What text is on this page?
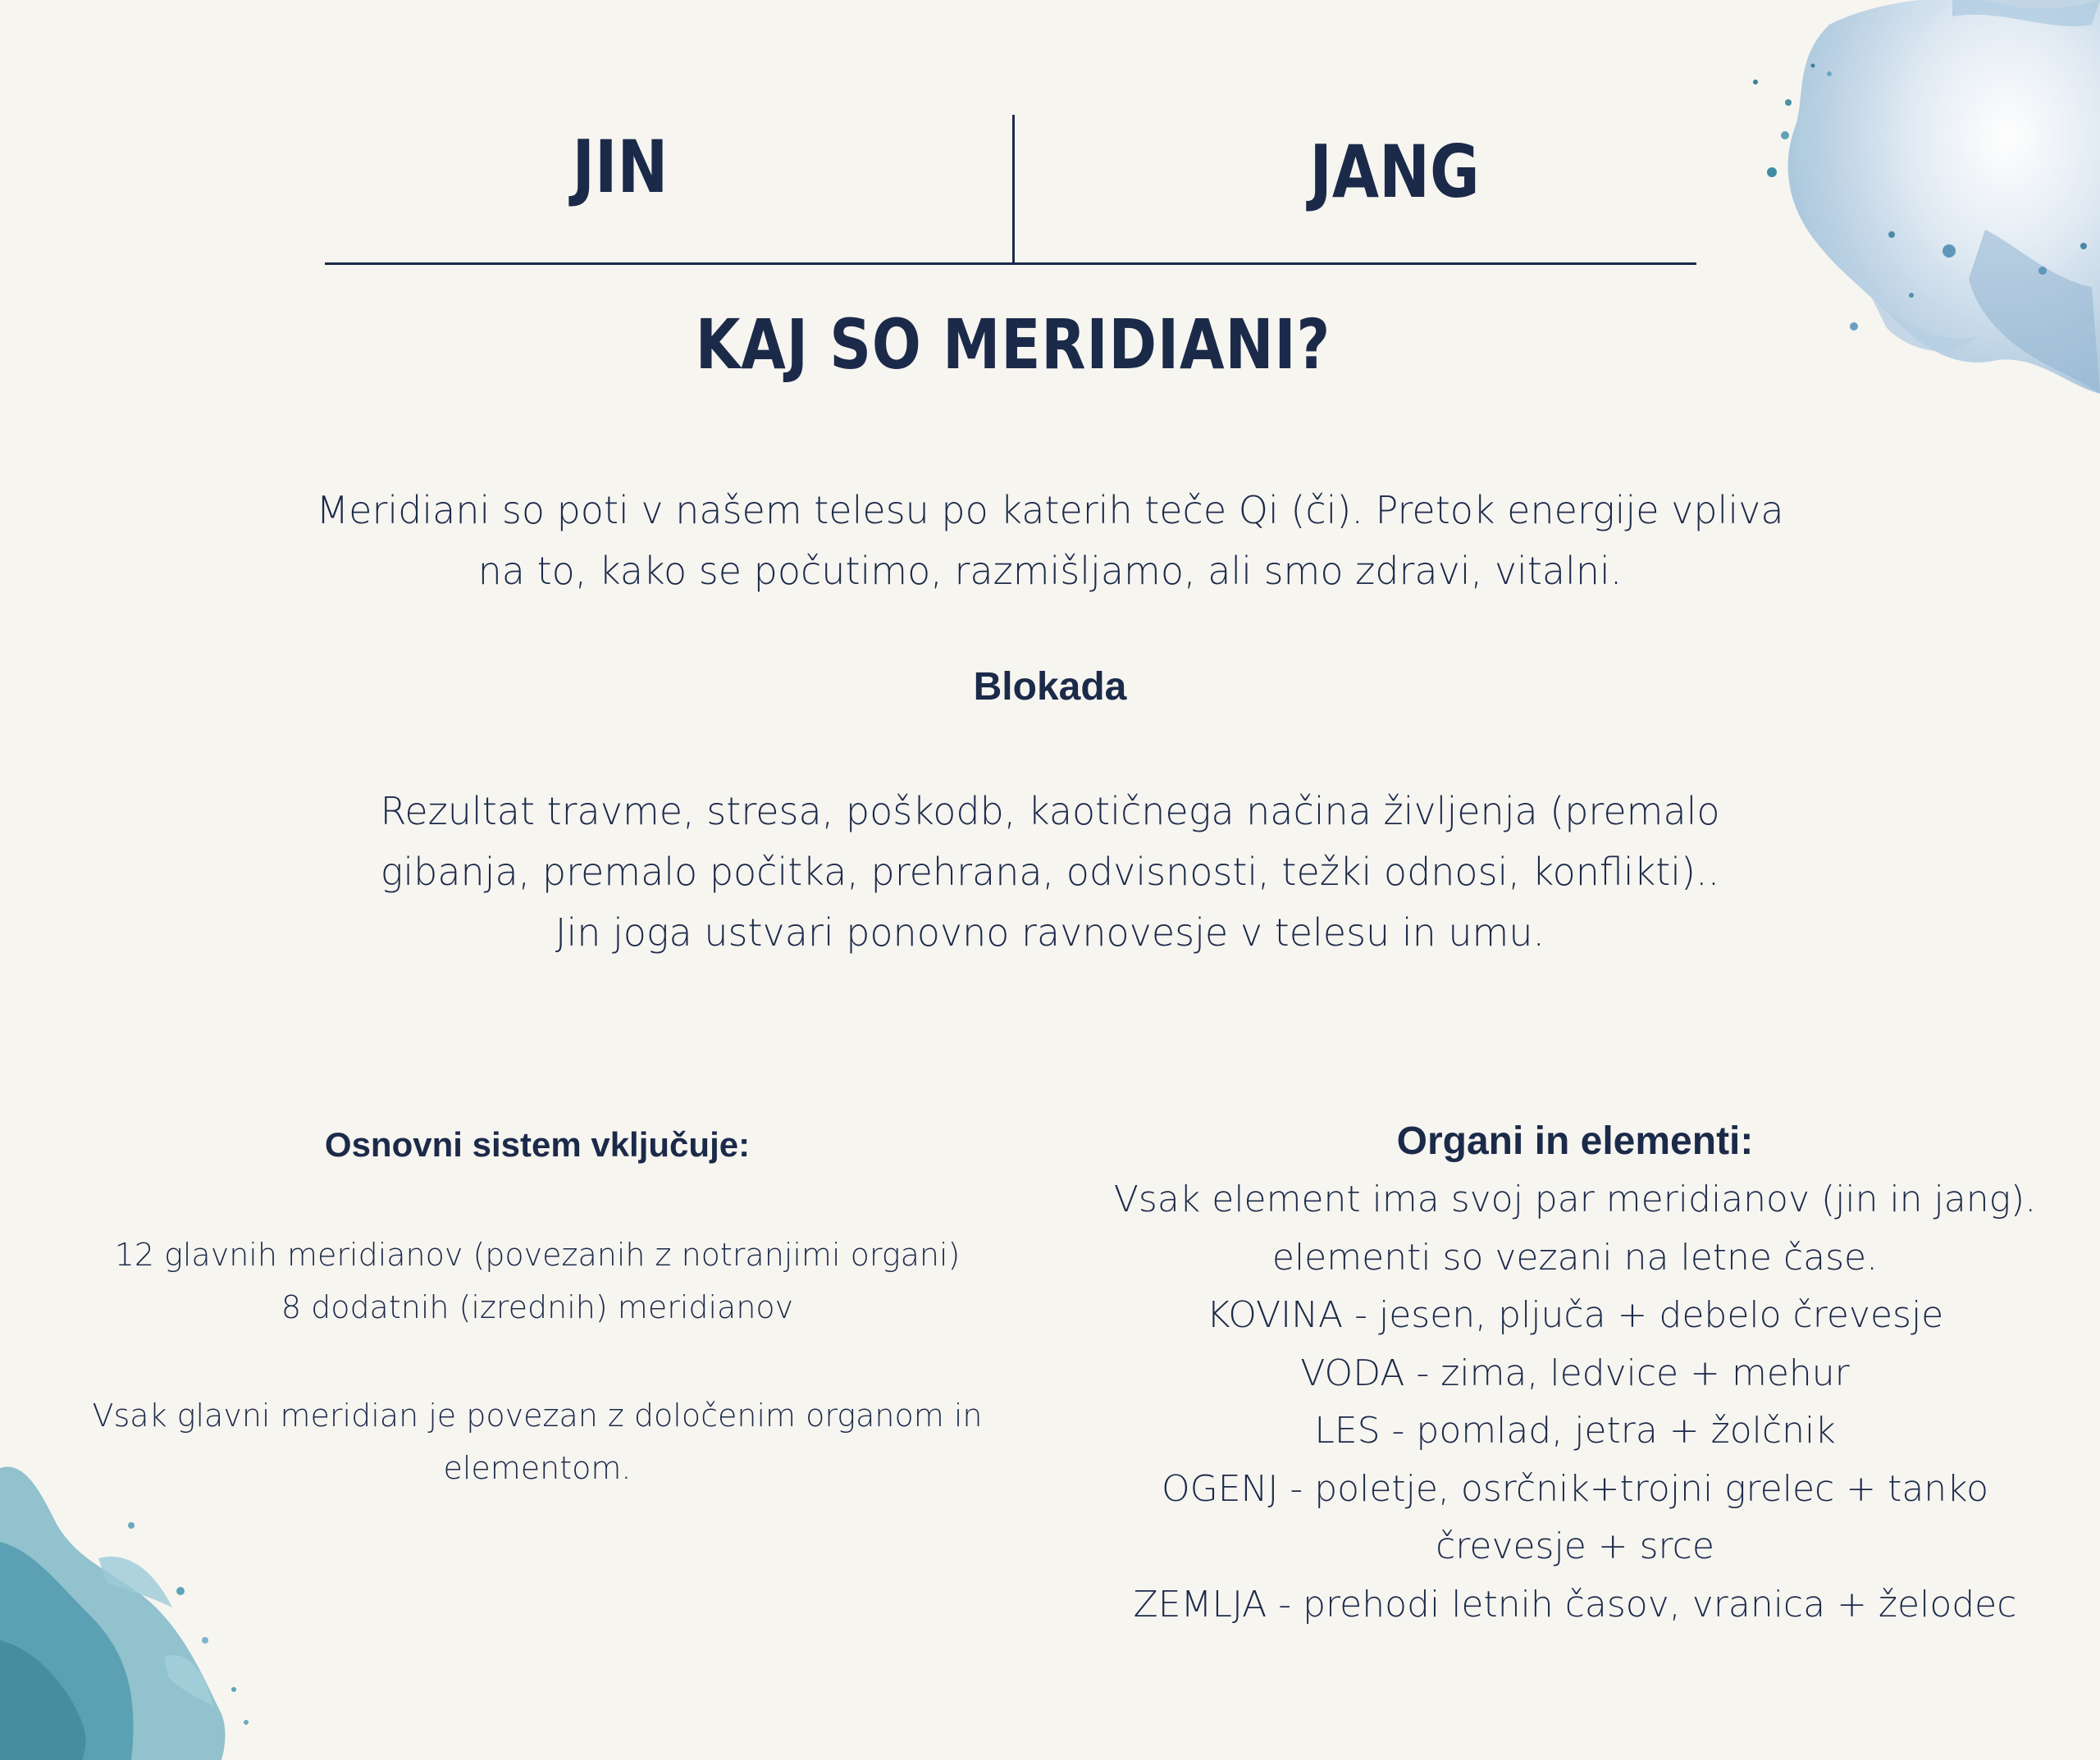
JIN	JANG
KAJ SO MERIDIANI?
Meridiani so poti v našem telesu po katerih teče Qi (či). Pretok energije vpliva
na to, kako se počutimo, razmišljamo, ali smo zdravi, vitalni.
Blokada
Rezultat travme, stresa, poškodb, kaotičnega načina življenja (premalo
gibanja, premalo počitka, prehrana, odvisnosti, težki odnosi, konflikti)..
Jin joga ustvari ponovno ravnovesje v telesu in umu.
Osnovni sistem vključuje:
12 glavnih meridianov (povezanih z notranjimi organi)
8 dodatnih (izrednih) meridianov
Vsak glavni meridian je povezan z določenim organom in
elementom.
Organi in elementi:
Vsak element ima svoj par meridianov (jin in jang).
elementi so vezani na letne čase.
KOVINA - jesen, pljuča + debelo črevesje
VODA - zima, ledvice + mehur
LES - pomlad, jetra + žolčnik
OGENJ - poletje, osrčnik+trojni grelec + tanko črevesje + srce
ZEMLJA - prehodi letnih časov, vranica + želodec
